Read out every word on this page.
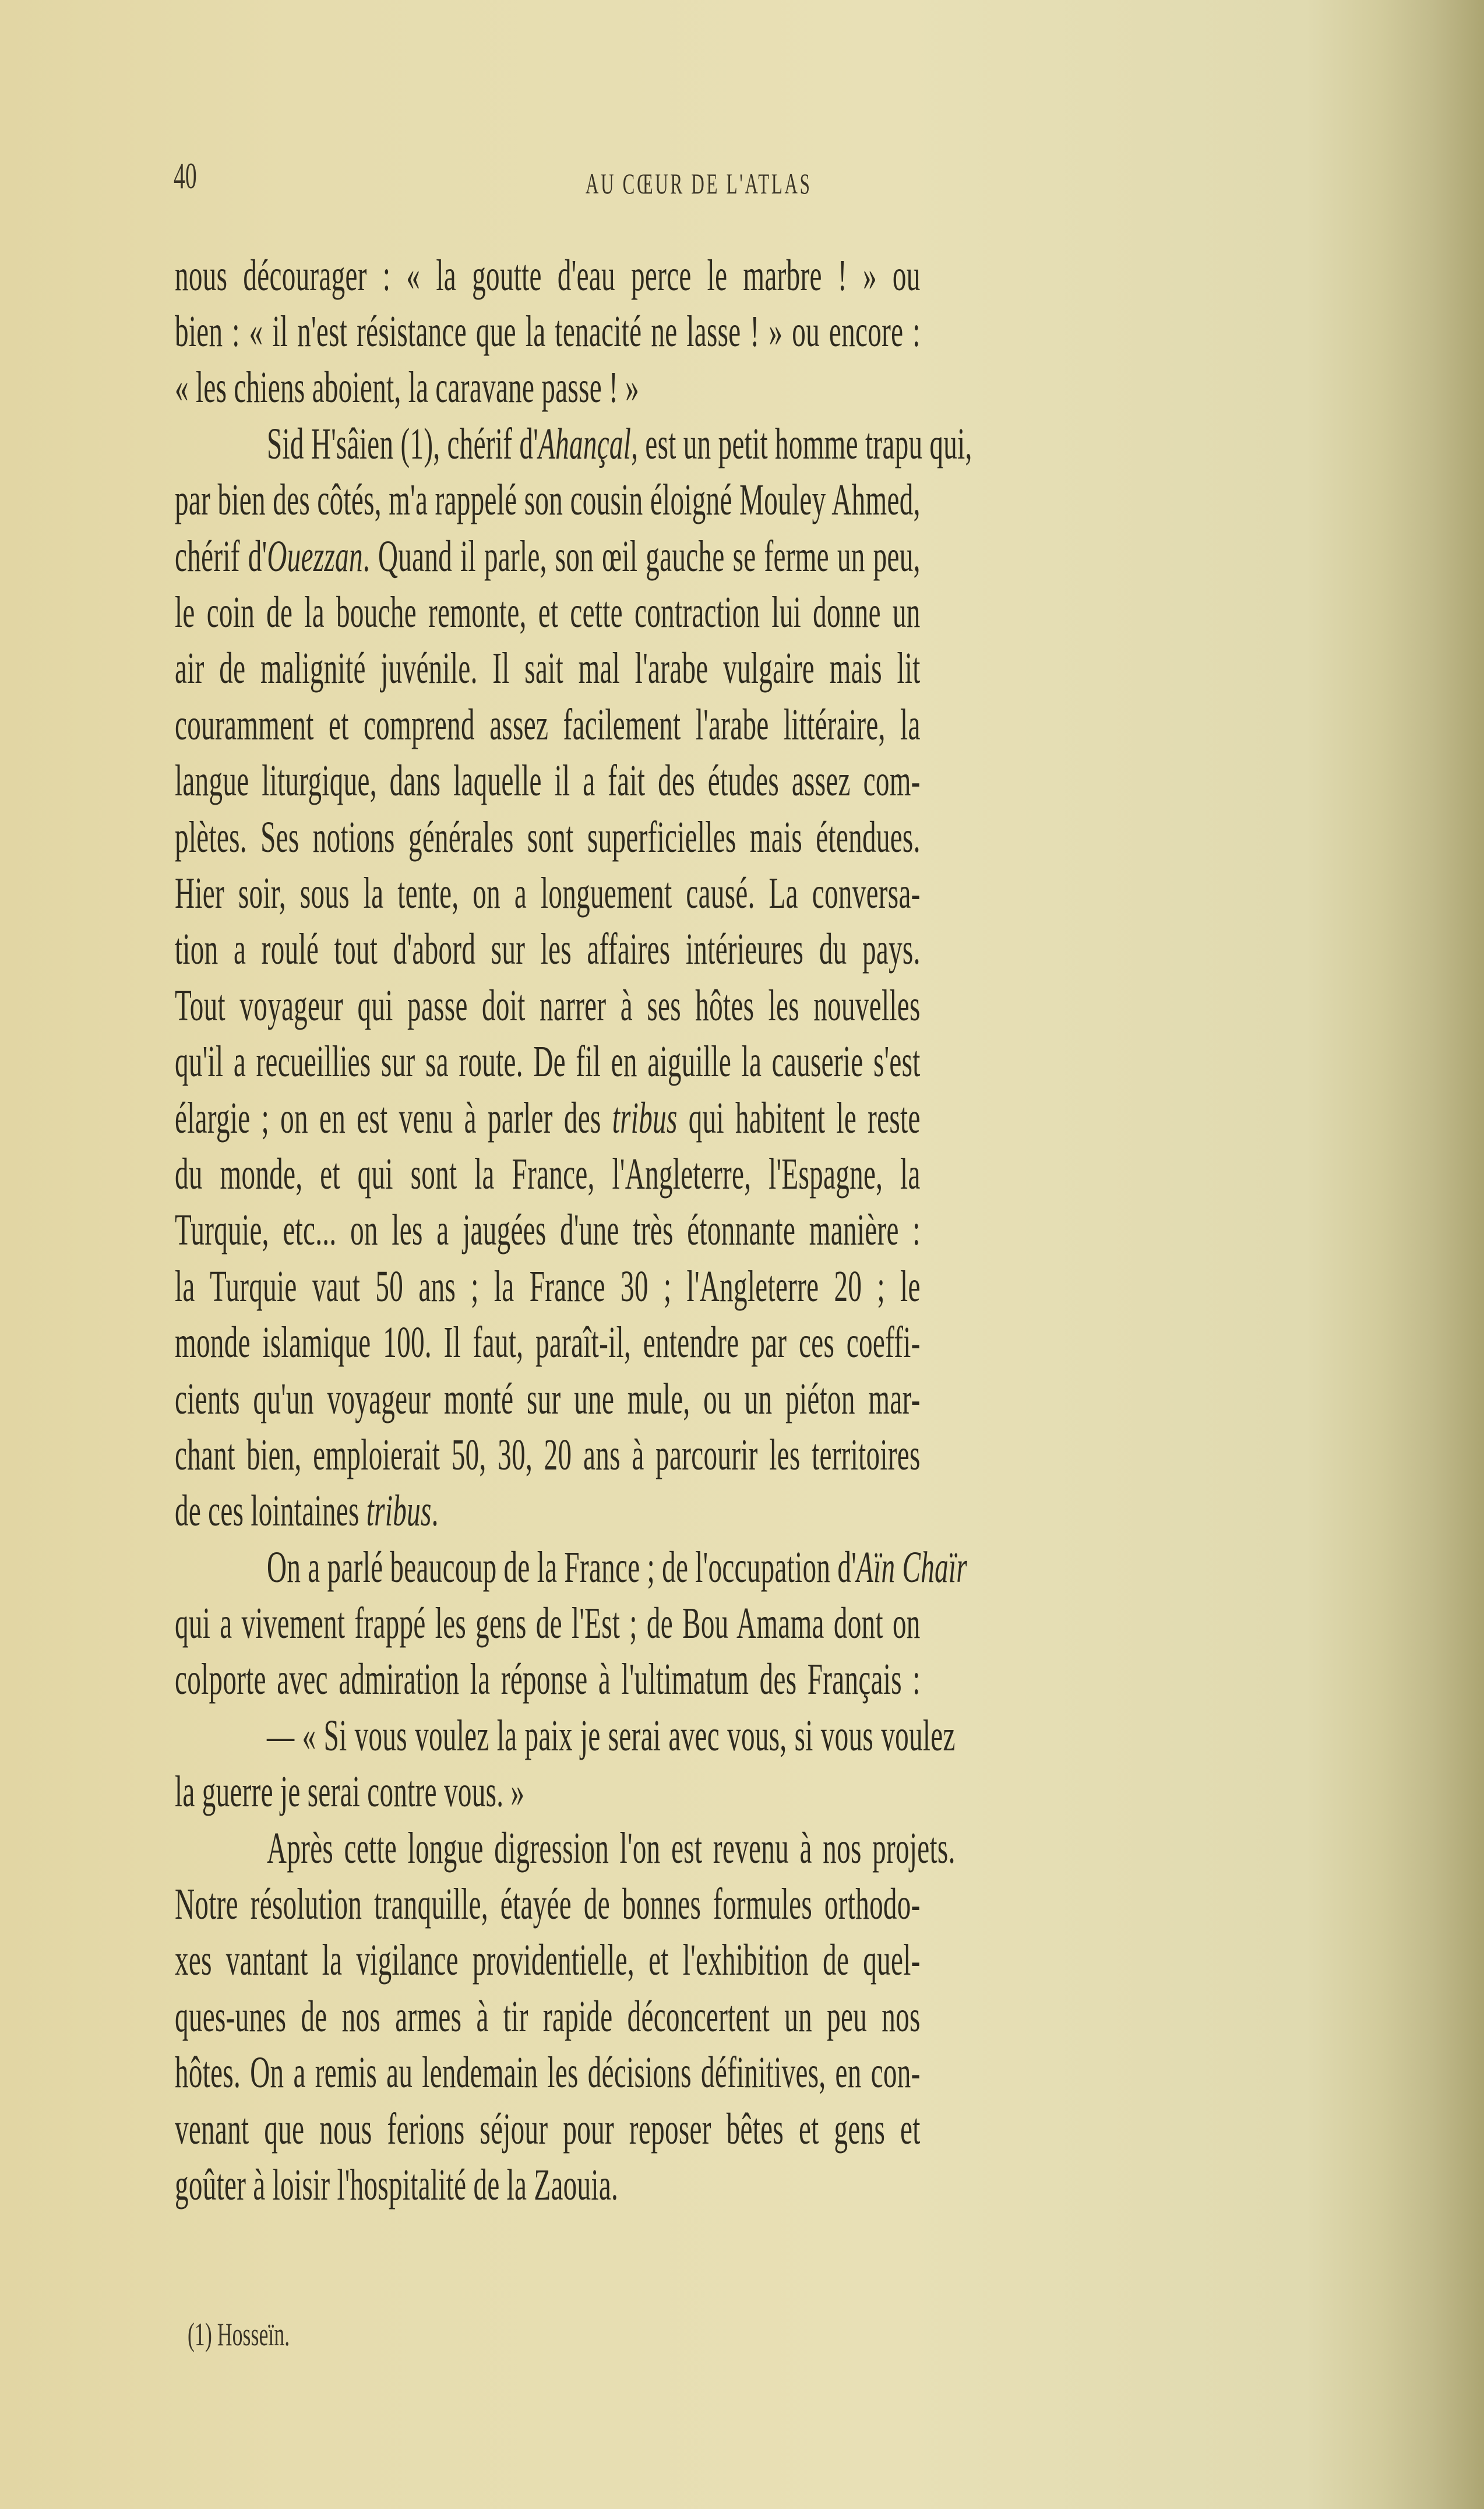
40	AU CŒUR DE L'ATLAS
nous décourager : « la goutte d'eau perce le marbre ! » ou
bien : « il n'est résistance que la tenacité ne lasse ! » ou encore :
« les chiens aboient, la caravane passe ! »
Sid H'sâien (1), chérif d'Ahançal, est un petit homme trapu qui,
par bien des côtés, m'a rappelé son cousin éloigné Mouley Ahmed,
chérif d'Ouezzan. Quand il parle, son œil gauche se ferme un peu,
le coin de la bouche remonte, et cette contraction lui donne un
air de malignité juvénile. Il sait mal l'arabe vulgaire mais lit
couramment et comprend assez facilement l'arabe littéraire, la
langue liturgique, dans laquelle il a fait des études assez com-
plètes. Ses notions générales sont superficielles mais étendues.
Hier soir, sous la tente, on a longuement causé. La conversa-
tion a roulé tout d'abord sur les affaires intérieures du pays.
Tout voyageur qui passe doit narrer à ses hôtes les nouvelles
qu'il a recueillies sur sa route. De fil en aiguille la causerie s'est
élargie ; on en est venu à parler des tribus qui habitent le reste
du monde, et qui sont la France, l'Angleterre, l'Espagne, la
Turquie, etc... on les a jaugées d'une très étonnante manière :
la Turquie vaut 50 ans ; la France 30 ; l'Angleterre 20 ; le
monde islamique 100. Il faut, paraît-il, entendre par ces coeffi-
cients qu'un voyageur monté sur une mule, ou un piéton mar-
chant bien, emploierait 50, 30, 20 ans à parcourir les territoires
de ces lointaines tribus.
On a parlé beaucoup de la France ; de l'occupation d'Aïn Chaïr
qui a vivement frappé les gens de l'Est ; de Bou Amama dont on
colporte avec admiration la réponse à l'ultimatum des Français :
— « Si vous voulez la paix je serai avec vous, si vous voulez
la guerre je serai contre vous. »
Après cette longue digression l'on est revenu à nos projets.
Notre résolution tranquille, étayée de bonnes formules orthodo-
xes vantant la vigilance providentielle, et l'exhibition de quel-
ques-unes de nos armes à tir rapide déconcertent un peu nos
hôtes. On a remis au lendemain les décisions définitives, en con-
venant que nous ferions séjour pour reposer bêtes et gens et
goûter à loisir l'hospitalité de la Zaouia.
(1) Hosseïn.
